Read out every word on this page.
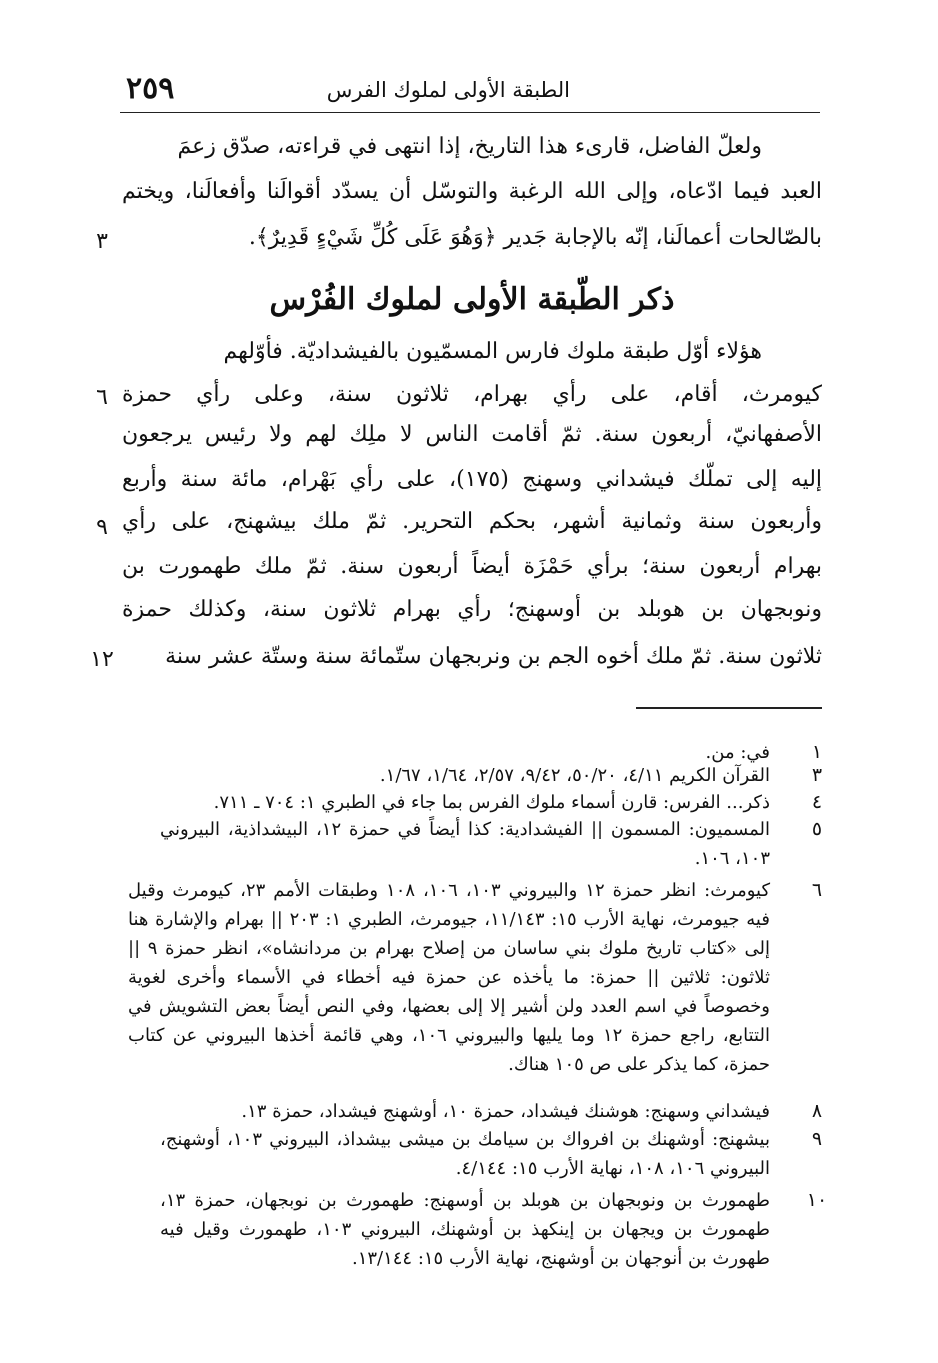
٢٥٩	الطبقة الأولى لملوك الفرس
ولعلّ الفاضل، قارىء هذا التاريخ، إذا انتهى في قراءته، صدّق زعمَ
العبد فيما ادّعاه، وإلى الله الرغبة والتوسّل أن يسدّد أقوالَنا وأفعالَنا، ويختم
بالصّالحات أعمالَنا، إنّه بالإجابة جَدير ﴿وَهُوَ عَلَى كُلِّ شَيْءٍ قَدِيرٌ﴾.
٣
ذكر الطّبقة الأولى لملوك الفُرْس
هؤلاء أوّل طبقة ملوك فارس المسمّيون بالفيشداديّة. فأوّلهم
كيومرث، أقام، على رأي بهرام، ثلاثون سنة، وعلى رأي حمزة
٦
الأصفهانيّ، أربعون سنة. ثمّ أقامت الناس لا ملِك لهم ولا رئيس يرجعون
إليه إلى تملّك فيشداني وسهنج (١٧٥)، على رأي بَهْرام، مائة سنة وأربع
وأربعون سنة وثمانية أشهر، بحكم التحرير. ثمّ ملك بيشهنج، على رأي
٩
بهرام أربعون سنة؛ برأي حَمْزَة أيضاً أربعون سنة. ثمّ ملك طهمورت بن
ونوبجهان بن هوبلد بن أوسهنج؛ رأي بهرام ثلاثون سنة، وكذلك حمزة
ثلاثون سنة. ثمّ ملك أخوه الجم بن ونربجهان ستّمائة سنة وستّة عشر سنة
١٢
١
في: من.
٣
القرآن الكريم ٤/١١، ٥٠/٢٠، ٩/٤٢، ٢/٥٧، ١/٦٤، ١/٦٧.
٤
ذكر... الفرس: قارن أسماء ملوك الفرس بما جاء في الطبري ١: ٧٠٤ ـ ٧١١.
٥
المسميون: المسمون || الفيشدادية: كذا أيضاً في حمزة ١٢، البيشداذية، البيروني ١٠٣، ١٠٦.
٦
كيومرث: انظر حمزة ١٢ والبيروني ١٠٣، ١٠٦، ١٠٨ وطبقات الأمم ٢٣، كيومرث وقيل فيه جيومرث، نهاية الأرب ١٥: ١١/١٤٣، جيومرث، الطبري ١: ٢٠٣ || بهرام والإشارة هنا إلى «كتاب تاريخ ملوك بني ساسان من إصلاح بهرام بن مردانشاه»، انظر حمزة ٩ || ثلاثون: ثلاثين || حمزة: ما يأخذه عن حمزة فيه أخطاء في الأسماء وأخرى لغوية وخصوصاً في اسم العدد ولن أشير إلا إلى بعضها، وفي النص أيضاً بعض التشويش في التتابع، راجع حمزة ١٢ وما يليها والبيروني ١٠٦، وهي قائمة أخذها البيروني عن كتاب حمزة، كما يذكر على ص ١٠٥ هناك.
٨
فيشداني وسهنج: هوشنك فيشداد، حمزة ١٠، أوشهنج فيشداد، حمزة ١٣.
٩
بيشهنج: أوشهنك بن افرواك بن سيامك بن ميشى بيشداذ، البيروني ١٠٣، أوشهنج، البيروني ١٠٦، ١٠٨، نهاية الأرب ١٥: ٤/١٤٤.
١٠
طهمورث بن ونوبجهان بن هوبلد بن أوسهنج: طهمورث بن نوبجهان، حمزة ١٣، طهمورث بن ويجهان بن إينكهذ بن أوشهنك، البيروني ١٠٣، طهمورث وقيل فيه طهورث بن أنوجهان بن أوشهنج، نهاية الأرب ١٥: ١٣/١٤٤.
